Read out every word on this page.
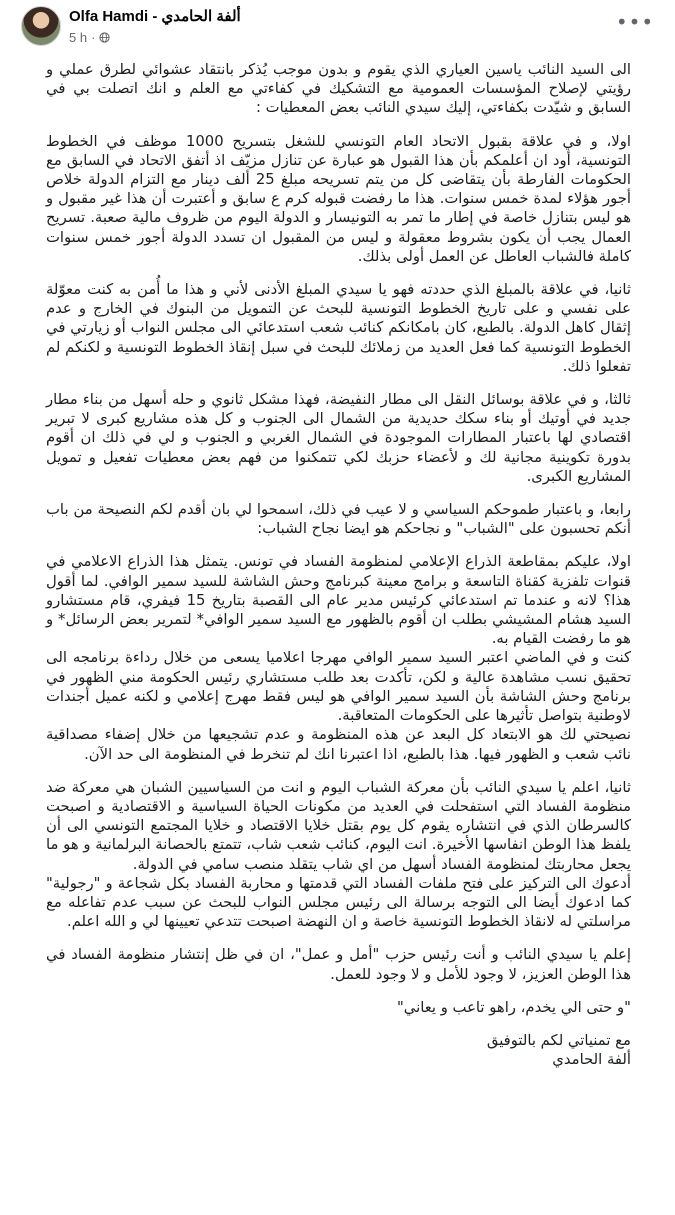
Olfa Hamdi - ألفة الحامدي
5 h ·
•••

الى السيد النائب ياسين العياري الذي يقوم و بدون موجب يُذكر بانتقاد عشوائي لطرق عملي و رؤيتي لإصلاح المؤسسات العمومية مع التشكيك في كفاءتي مع العلم و انك اتصلت بي في السابق و شيّدت بكفاءتي، إليك سيدي النائب بعض المعطيات :

اولا، و في علاقة بقبول الاتحاد العام التونسي للشغل بتسريح 1000 موظف في الخطوط التونسية، أود ان أعلمكم بأن هذا القبول هو عبارة عن تنازل مزيّف اذ أتفق الاتحاد في السابق مع الحكومات الفارطة بأن يتقاضى كل من يتم تسريحه مبلغ 25 ألف دينار مع التزام الدولة خلاص أجور هؤلاء لمدة خمس سنوات. هذا ما رفضت قبوله كرم ع سابق و أعتبرت أن هذا غير مقبول و هو ليس بتنازل خاصة في إطار ما تمر به التونيسار و الدولة اليوم من ظروف مالية صعبة. تسريح العمال يجب أن يكون بشروط معقولة و ليس من المقبول ان تسدد الدولة أجور خمس سنوات كاملة فالشباب العاطل عن العمل أولى بذلك.

ثانيا، في علاقة بالمبلغ الذي حددته فهو يا سيدي المبلغ الأدنى لأني و هذا ما أُمن به كنت معوّلة على نفسي و على تاريخ الخطوط التونسية للبحث عن التمويل من البنوك في الخارج و عدم إثقال كاهل الدولة. بالطبع، كان بامكانكم كنائب شعب استدعائي الى مجلس النواب أو زيارتي في الخطوط التونسية كما فعل العديد من زملائك للبحث في سبل إنقاذ الخطوط التونسية و لكنكم لم تفعلوا ذلك.

ثالثا، و في علاقة بوسائل النقل الى مطار النفيضة، فهذا مشكل ثانوي و حله أسهل من بناء مطار جديد في أوتيك أو بناء سكك حديدية من الشمال الى الجنوب و كل هذه مشاريع كبرى لا تبرير اقتصادي لها باعتبار المطارات الموجودة في الشمال الغربي و الجنوب و لي في ذلك ان أقوم بدورة تكوينية مجانية لك و لأعضاء حزبك لكي تتمكنوا من فهم بعض معطيات تفعيل و تمويل المشاريع الكبرى.

رابعا، و باعتبار طموحكم السياسي و لا عيب في ذلك، اسمحوا لي بان أقدم لكم النصيحة من باب أنكم تحسبون على "الشباب" و نجاحكم هو ايضا نجاح الشباب:

اولا، عليكم بمقاطعة الذراع الإعلامي لمنظومة الفساد في تونس. يتمثل هذا الذراع الاعلامي في قنوات تلفزية كقناة التاسعة و برامج معينة كبرنامج وحش الشاشة للسيد سمير الوافي. لما أقول هذا؟ لانه و عندما تم استدعائي كرئيس مدير عام الى القصبة بتاريخ 15 فيفري، قام مستشارو السيد هشام المشيشي بطلب ان أقوم بالظهور مع السيد سمير الوافي* لتمرير بعض الرسائل* و هو ما رفضت القيام به.

كنت و في الماضي اعتبر السيد سمير الوافي مهرجا اعلاميا يسعى من خلال رداءة برنامجه الى تحقيق نسب مشاهدة عالية و لكن، تأكدت بعد طلب مستشاري رئيس الحكومة مني الظهور في برنامج وحش الشاشة بأن السيد سمير الوافي هو ليس فقط مهرج إعلامي و لكنه عميل أجندات لاوطنية بتواصل تأثيرها على الحكومات المتعاقبة.

نصيحتي لك هو الابتعاد كل البعد عن هذه المنظومة و عدم تشجيعها من خلال إضفاء مصداقية نائب شعب و الظهور فيها. هذا بالطبع، اذا اعتبرنا انك لم تنخرط في المنظومة الى حد الآن.

ثانيا، اعلم يا سيدي النائب بأن معركة الشباب اليوم و انت من السياسيين الشبان هي معركة ضد منظومة الفساد التي استفحلت في العديد من مكونات الحياة السياسية و الاقتصادية و اصبحت كالسرطان الذي في انتشاره يقوم كل يوم بقتل خلايا الاقتصاد و خلايا المجتمع التونسي الى أن يلفظ هذا الوطن انفاسها الأخيرة. انت اليوم، كنائب شعب شاب، تتمتع بالحصانة البرلمانية و هو ما يجعل محاربتك لمنظومة الفساد أسهل من اي شاب يتقلد منصب سامي في الدولة.

أدعوك الى التركيز على فتح ملفات الفساد التي قدمتها و محاربة الفساد بكل شجاعة و "رجولية" كما ادعوك أيضا الى التوجه برسالة الى رئيس مجلس النواب للبحث عن سبب عدم تفاعله مع مراسلتي له لانقاذ الخطوط التونسية خاصة و ان النهضة اصبحت تتدعي تعيينها لي و الله اعلم.

إعلم يا سيدي النائب و أنت رئيس حزب "أمل و عمل"، ان في ظل إنتشار منظومة الفساد في هذا الوطن العزيز، لا وجود للأمل و لا وجود للعمل.

"و حتى الي يخدم، راهو تاعب و يعاني"

مع تمنياتي لكم بالتوفيق

ألفة الحامدي
